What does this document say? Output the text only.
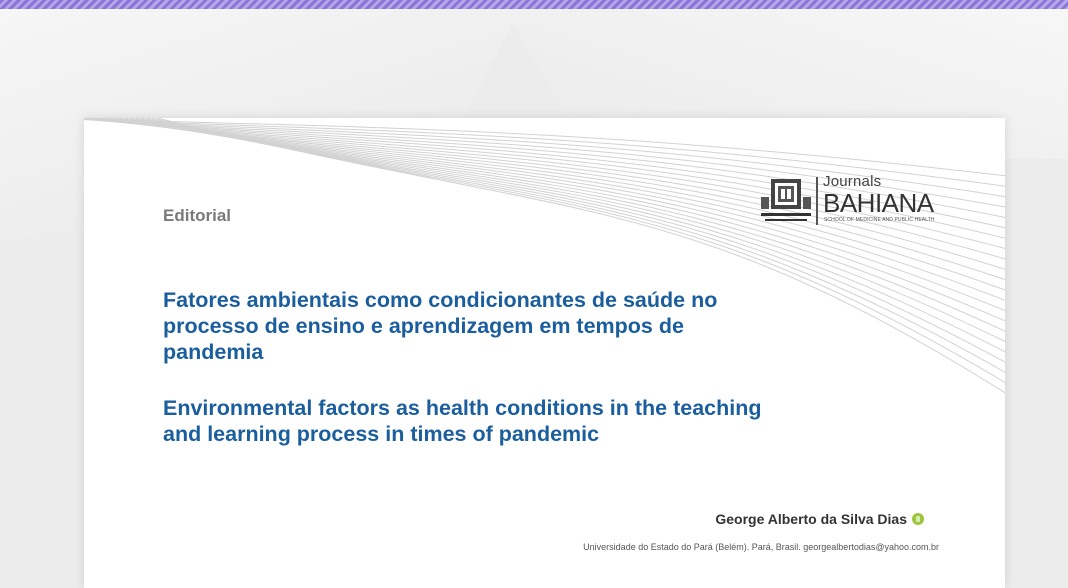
Journals
BAHIANA
SCHOOL OF MEDICINE AND PUBLIC HEALTH
Editorial
Fatores ambientais como condicionantes de saúde no processo de ensino e aprendizagem em tempos de pandemia
Environmental factors as health conditions in the teaching and learning process in times of pandemic
George Alberto da Silva Dias
Universidade do Estado do Pará (Belém). Pará, Brasil. georgealbertodias@yahoo.com.br
